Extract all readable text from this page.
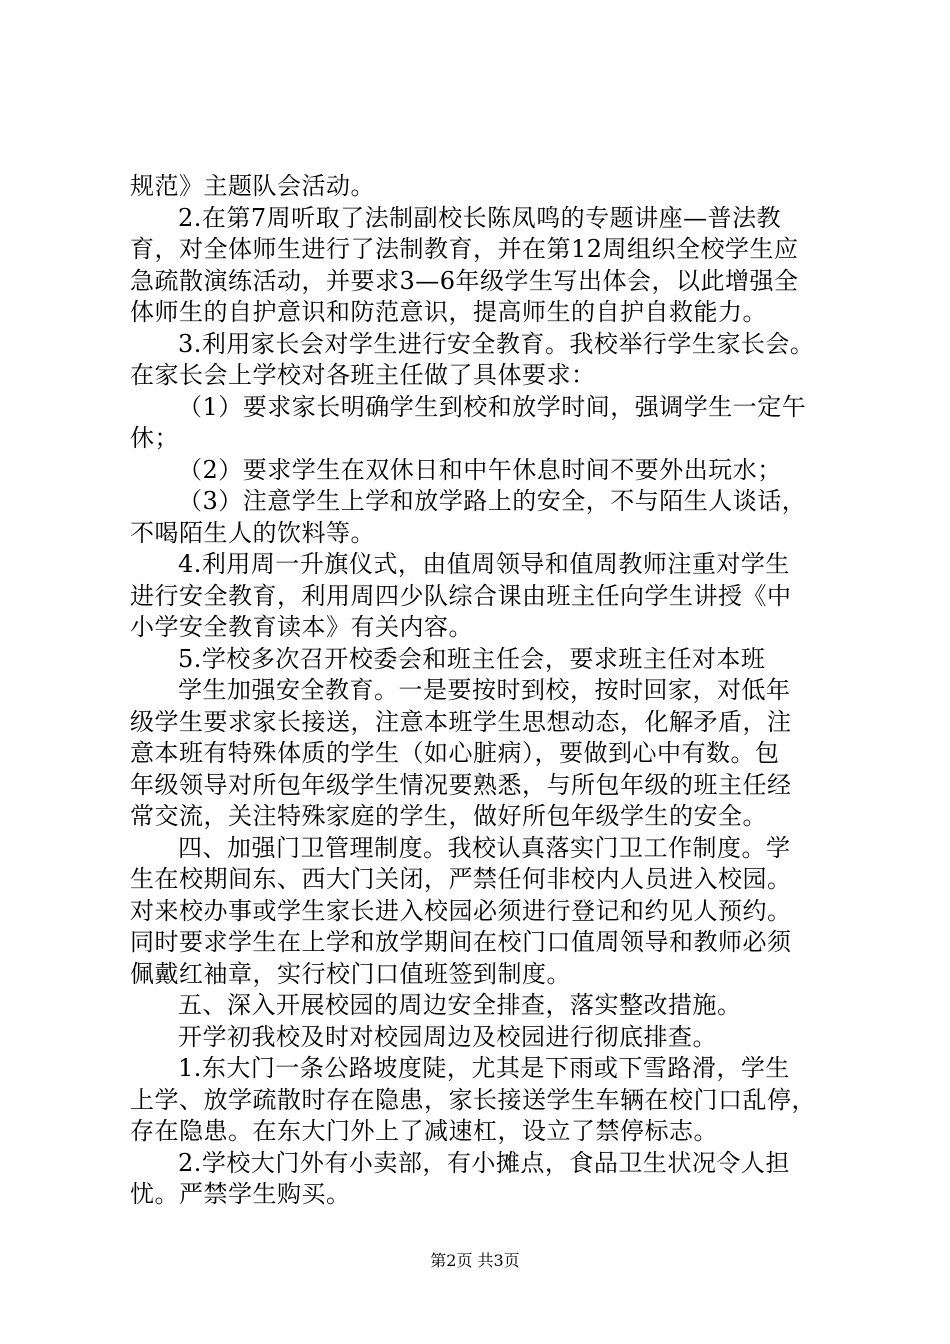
规范》主题队会活动。
2.在第7周听取了法制副校长陈凤鸣的专题讲座—普法教
育，对全体师生进行了法制教育，并在第12周组织全校学生应
急疏散演练活动，并要求3—6年级学生写出体会，以此增强全
体师生的自护意识和防范意识，提高师生的自护自救能力。
3.利用家长会对学生进行安全教育。我校举行学生家长会。
在家长会上学校对各班主任做了具体要求：
（1）要求家长明确学生到校和放学时间，强调学生一定午
休；
（2）要求学生在双休日和中午休息时间不要外出玩水；
（3）注意学生上学和放学路上的安全，不与陌生人谈话，
不喝陌生人的饮料等。
4.利用周一升旗仪式，由值周领导和值周教师注重对学生
进行安全教育，利用周四少队综合课由班主任向学生讲授《中
小学安全教育读本》有关内容。
5.学校多次召开校委会和班主任会，要求班主任对本班
学生加强安全教育。一是要按时到校，按时回家，对低年
级学生要求家长接送，注意本班学生思想动态，化解矛盾，注
意本班有特殊体质的学生（如心脏病），要做到心中有数。包
年级领导对所包年级学生情况要熟悉，与所包年级的班主任经
常交流，关注特殊家庭的学生，做好所包年级学生的安全。
四、加强门卫管理制度。我校认真落实门卫工作制度。学
生在校期间东、西大门关闭，严禁任何非校内人员进入校园。
对来校办事或学生家长进入校园必须进行登记和约见人预约。
同时要求学生在上学和放学期间在校门口值周领导和教师必须
佩戴红袖章，实行校门口值班签到制度。
五、深入开展校园的周边安全排查，落实整改措施。
开学初我校及时对校园周边及校园进行彻底排查。
1.东大门一条公路坡度陡，尤其是下雨或下雪路滑，学生
上学、放学疏散时存在隐患，家长接送学生车辆在校门口乱停，
存在隐患。在东大门外上了减速杠，设立了禁停标志。
2.学校大门外有小卖部，有小摊点，食品卫生状况令人担
忧。严禁学生购买。
第2页 共3页
